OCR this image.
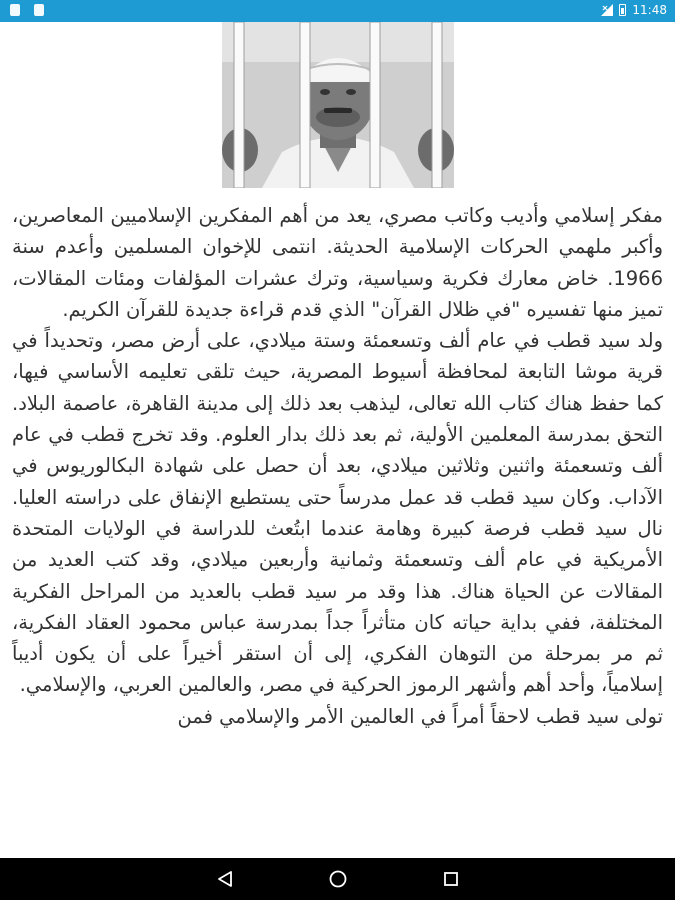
11:48

مفكر إسلامي وأديب وكاتب مصري، يعد من أهم المفكرين الإسلاميين المعاصرين، وأكبر ملهمي الحركات الإسلامية الحديثة. انتمى للإخوان المسلمين وأعدم سنة 1966. خاض معارك فكرية وسياسية، وترك عشرات المؤلفات ومئات المقالات، تميز منها تفسيره "في ظلال القرآن" الذي قدم قراءة جديدة للقرآن الكريم.

ولد سيد قطب في عام ألف وتسعمئة وستة ميلادي، على أرض مصر، وتحديداً في قرية موشا التابعة لمحافظة أسيوط المصرية، حيث تلقى تعليمه الأساسي فيها، كما حفظ هناك كتاب الله تعالى، ليذهب بعد ذلك إلى مدينة القاهرة، عاصمة البلاد. التحق بمدرسة المعلمين الأولية، ثم بعد ذلك بدار العلوم. وقد تخرج قطب في عام ألف وتسعمئة واثنين وثلاثين ميلادي، بعد أن حصل على شهادة البكالوريوس في الآداب. وكان سيد قطب قد عمل مدرساً حتى يستطيع الإنفاق على دراسته العليا. نال سيد قطب فرصة كبيرة وهامة عندما ابتُعث للدراسة في الولايات المتحدة الأمريكية في عام ألف وتسعمئة وثمانية وأربعين ميلادي، وقد كتب العديد من المقالات عن الحياة هناك. هذا وقد مر سيد قطب بالعديد من المراحل الفكرية المختلفة، ففي بداية حياته كان متأثراً جداً بمدرسة عباس محمود العقاد الفكرية، ثم مر بمرحلة من التوهان الفكري، إلى أن استقر أخيراً على أن يكون أديباً إسلامياً، وأحد أهم وأشهر الرموز الحركية في مصر، والعالمين العربي، والإسلامي.

تولى سيد قطب لاحقاً أمراً في العالمين الأمر والإسلامي فمن
